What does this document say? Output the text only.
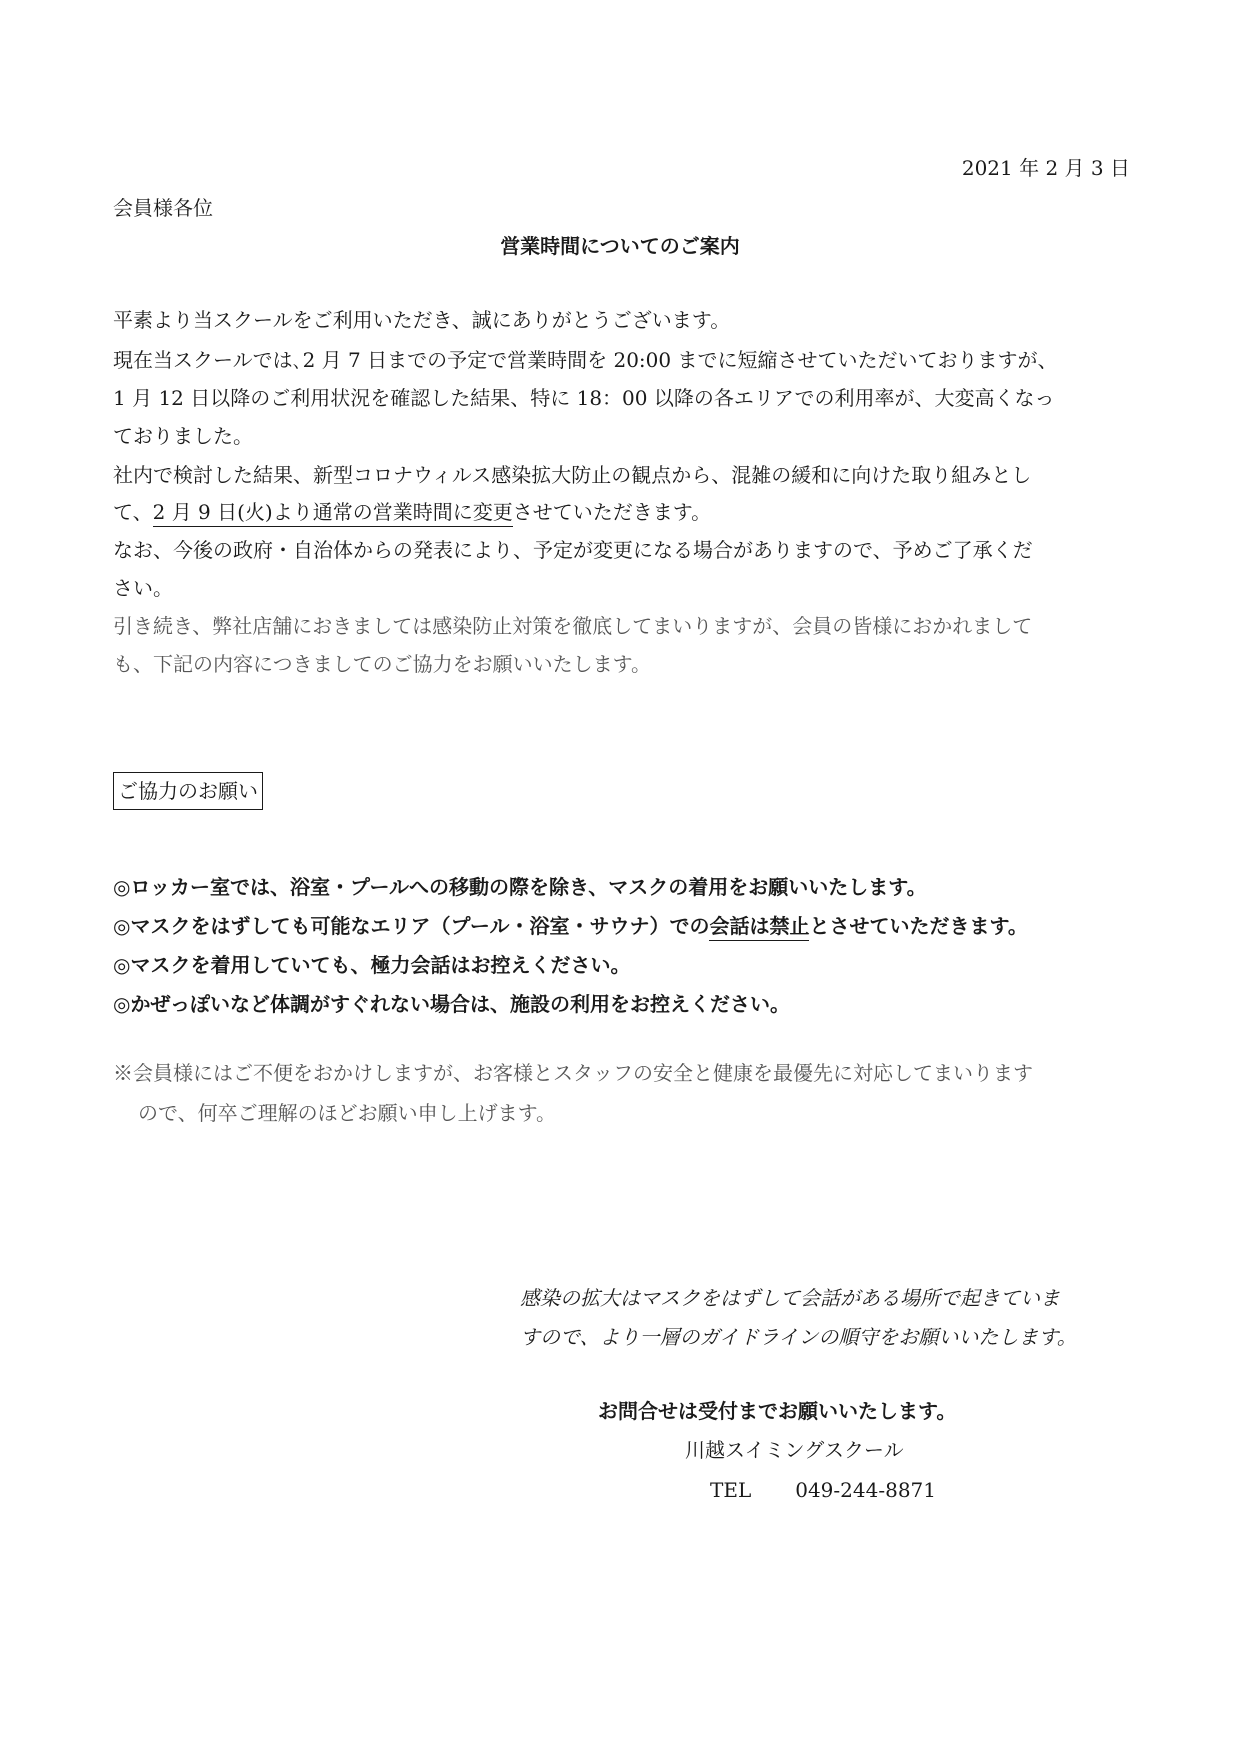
2021 年 2 月 3 日
会員様各位
営業時間についてのご案内
平素より当スクールをご利用いただき、誠にありがとうございます。
現在当スクールでは､2 月 7 日までの予定で営業時間を 20:00 までに短縮させていただいておりますが、
1 月 12 日以降のご利用状況を確認した結果、特に 18：00 以降の各エリアでの利用率が、大変高くなっ
ておりました。
社内で検討した結果、新型コロナウィルス感染拡大防止の観点から、混雑の緩和に向けた取り組みとし
て、2 月 9 日(火)より通常の営業時間に変更させていただきます。
なお、今後の政府・自治体からの発表により、予定が変更になる場合がありますので、予めご了承くだ
さい。
引き続き、弊社店舗におきましては感染防止対策を徹底してまいりますが、会員の皆様におかれまして
も、下記の内容につきましてのご協力をお願いいたします。
ご協力のお願い
◎ロッカー室では、浴室・プールへの移動の際を除き、マスクの着用をお願いいたします。
◎マスクをはずしても可能なエリア（プール・浴室・サウナ）での会話は禁止とさせていただきます。
◎マスクを着用していても、極力会話はお控えください。
◎かぜっぽいなど体調がすぐれない場合は、施設の利用をお控えください。
※会員様にはご不便をおかけしますが、お客様とスタッフの安全と健康を最優先に対応してまいります
ので、何卒ご理解のほどお願い申し上げます。
感染の拡大はマスクをはずして会話がある場所で起きていま
すので、より一層のガイドラインの順守をお願いいたします。
お問合せは受付までお願いいたします。
川越スイミングスクール
TEL 049-244-8871
